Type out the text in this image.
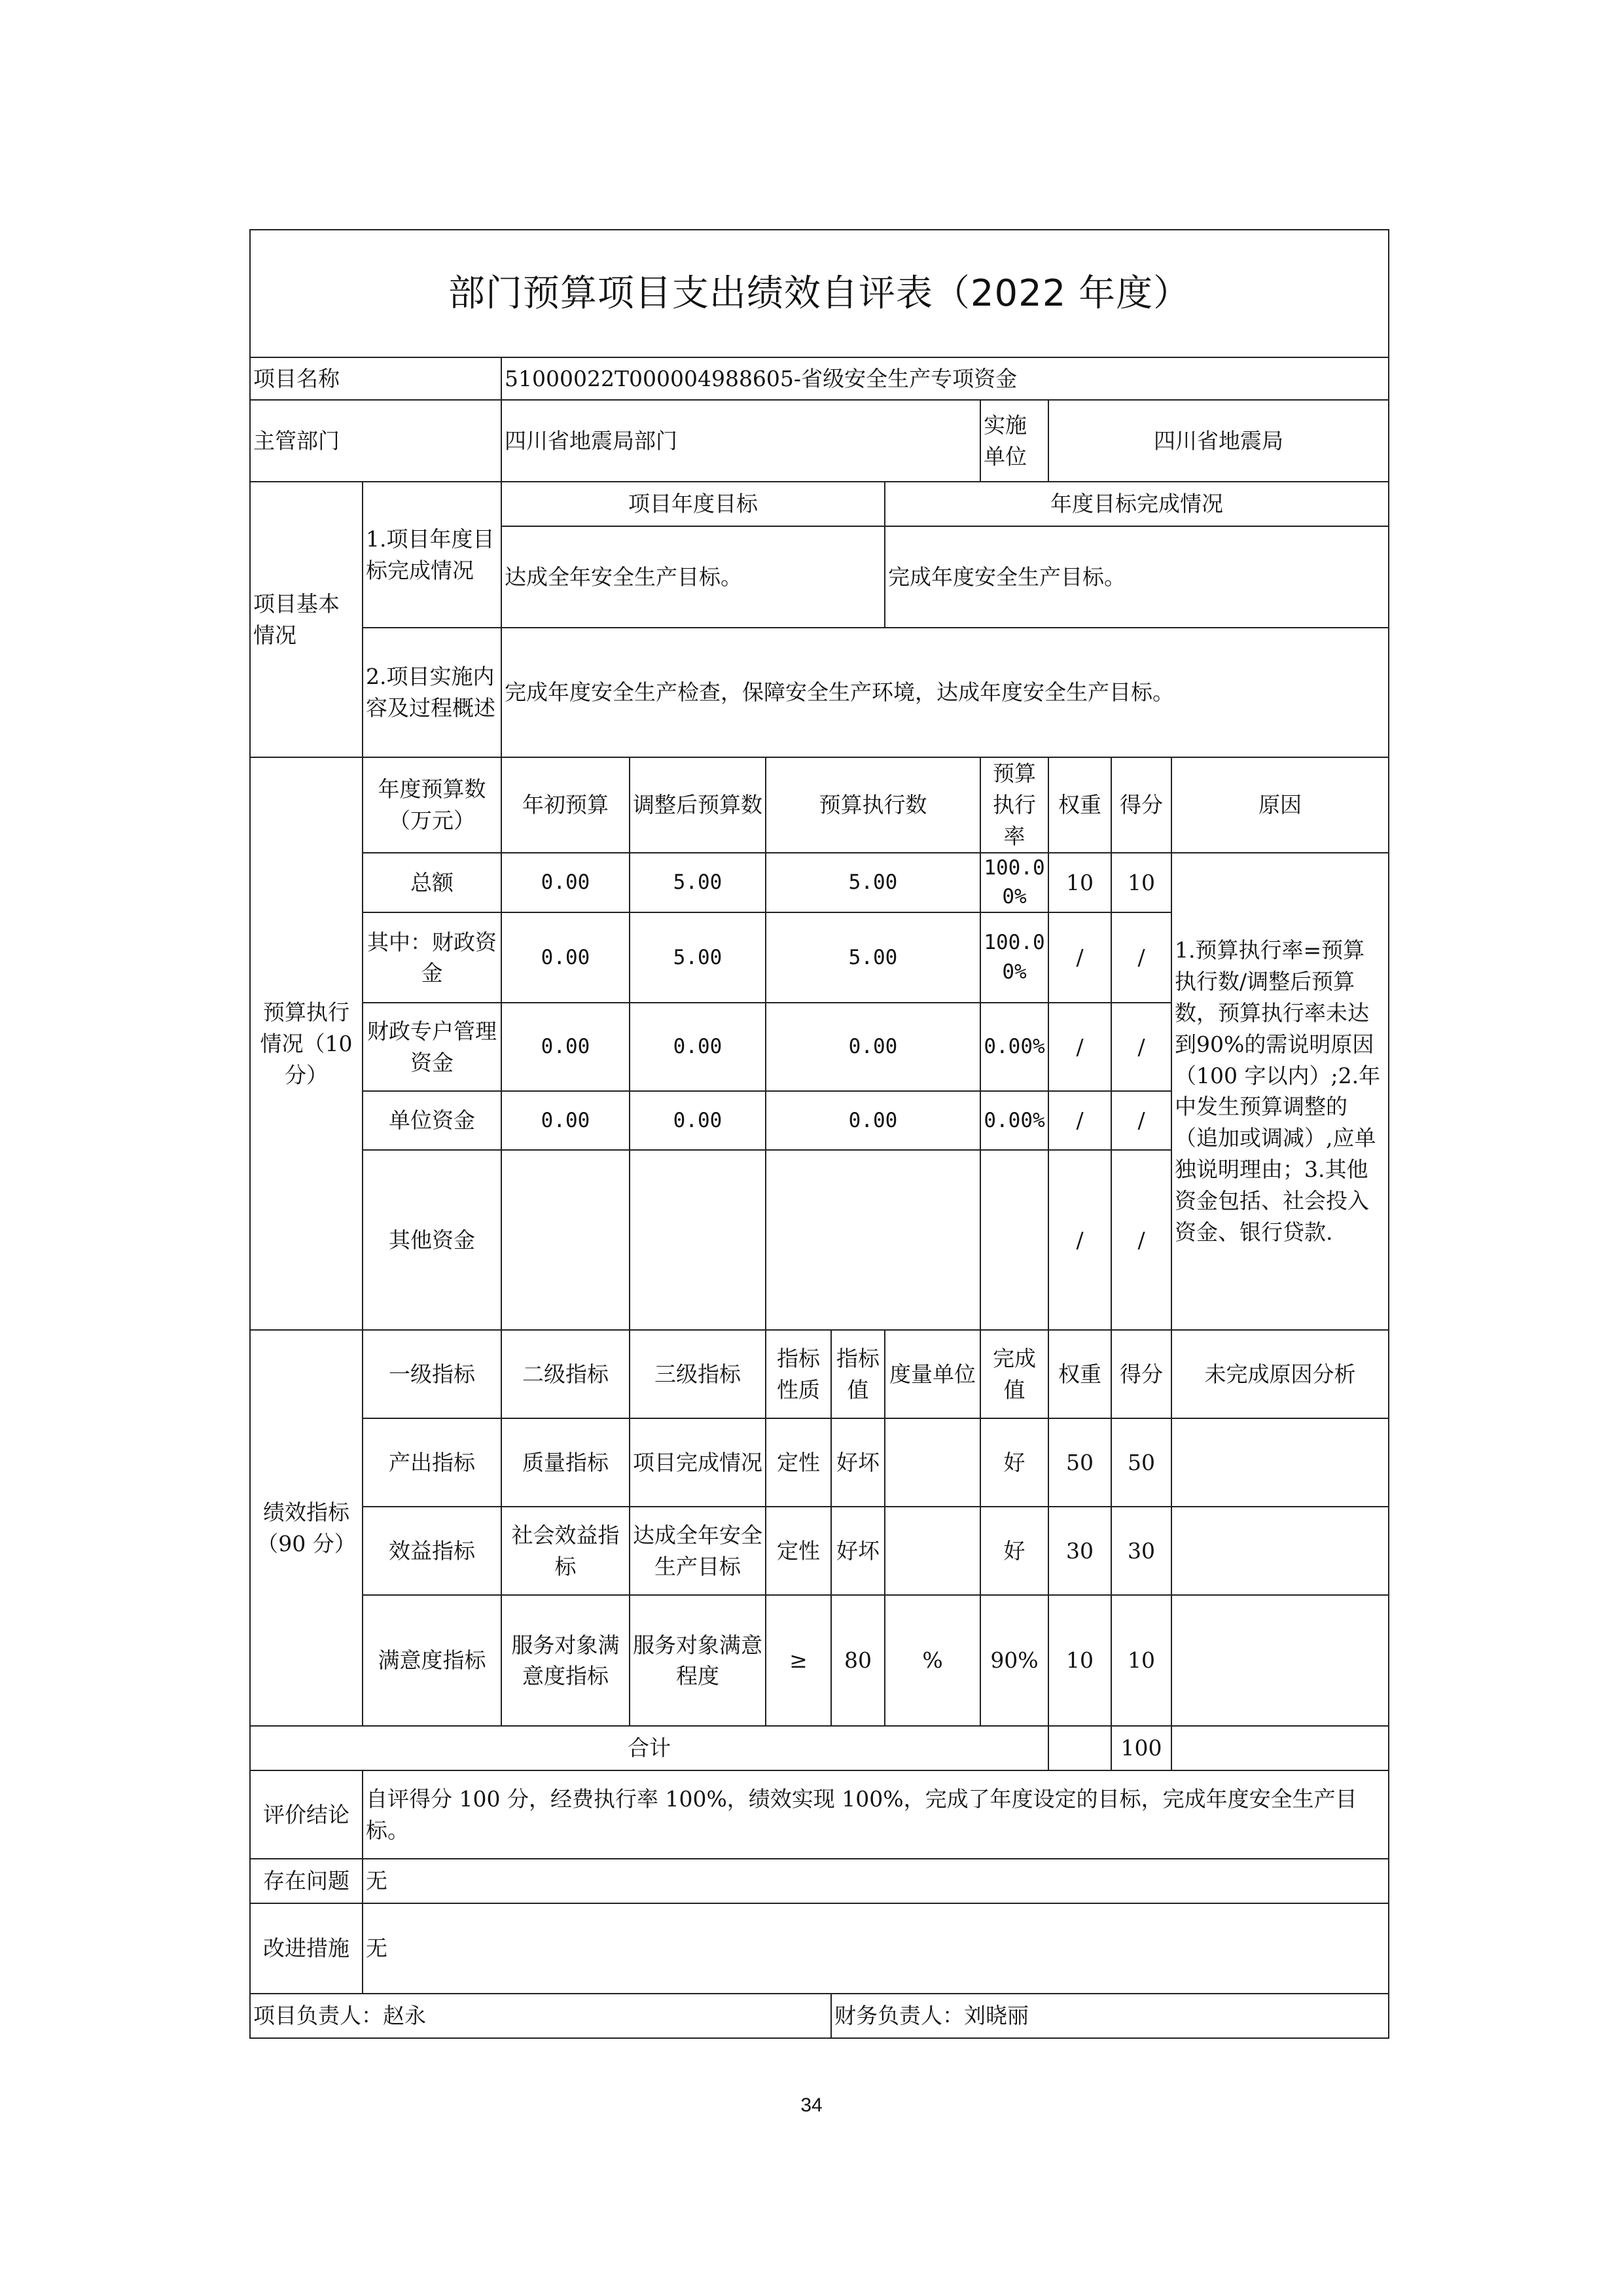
部门预算项目支出绩效自评表（2022 年度）										
项目名称		51000022T000004988605-省级安全生产专项资金								
主管部门		四川省地震局部门					实施单位	四川省地震局		
项目基本情况	1.项目年度目标完成情况	项目年度目标				年度目标完成情况				
		达成全年安全生产目标。				完成年度安全生产目标。				
	2.项目实施内容及过程概述	完成年度安全生产检查，保障安全生产环境，达成年度安全生产目标。								
预算执行情况（10 分）	年度预算数（万元）	年初预算	调整后预算数	预算执行数			预算执行率	权重	得分	原因
	总额	0.00	5.00	5.00			100.00%	10	10	1.预算执行率=预算执行数/调整后预算数，预算执行率未达到90%的需说明原因（100 字以内）;2.年中发生预算调整的（追加或调减）,应单独说明理由；3.其他资金包括、社会投入资金、银行贷款.
	其中：财政资金	0.00	5.00	5.00			100.00%	/	/	
	财政专户管理资金	0.00	0.00	0.00			0.00%	/	/	
	单位资金	0.00	0.00	0.00			0.00%	/	/	
	其他资金							/	/	
绩效指标（90 分）	一级指标	二级指标	三级指标	指标性质	指标值	度量单位	完成值	权重	得分	未完成原因分析
	产出指标	质量指标	项目完成情况	定性	好坏		好	50	50	
	效益指标	社会效益指标	达成全年安全生产目标	定性	好坏		好	30	30	
	满意度指标	服务对象满意度指标	服务对象满意程度	≥	80	%	90%	10	10	
合计									100	
评价结论	自评得分 100 分，经费执行率 100%，绩效实现 100%，完成了年度设定的目标，完成年度安全生产目标。									
存在问题	无									
改进措施	无									
项目负责人：赵永					财务负责人：刘晓丽					
34
